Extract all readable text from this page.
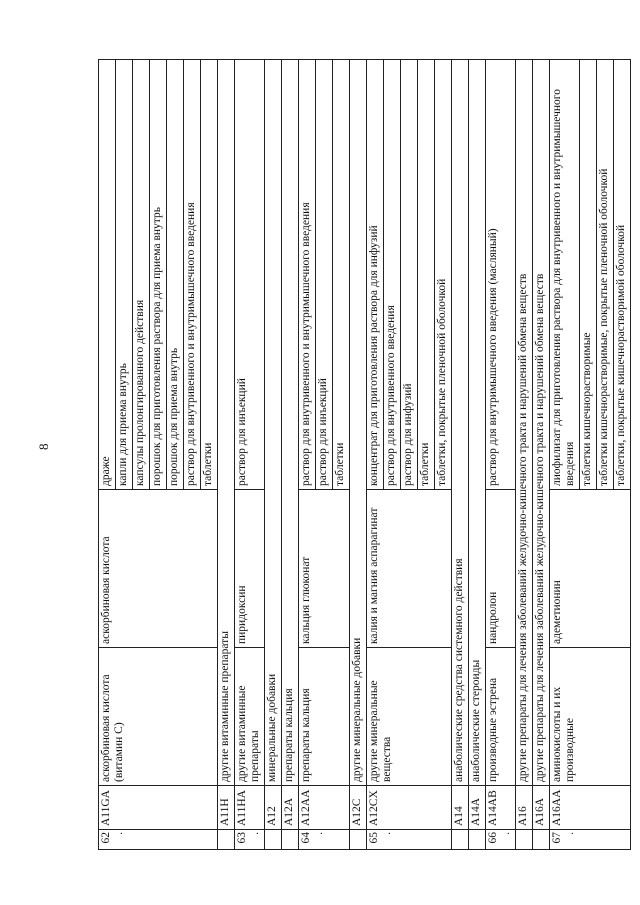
8
62.	A11GA	аскорбиновая кислота (витамин С)	аскорбиновая кислота	драже
				капли для приема внутрь
				капсулы пролонгированного действия
				порошок для приготовления раствора для приема внутрь
				порошок для приема внутрь
				раствор для внутривенного и внутримышечного введения
				таблетки
	A11H	другие витаминные препараты		
63.	A11HA	другие витаминные препараты	пиридоксин	раствор для инъекций
	A12	минеральные добавки		
	A12A	препараты кальция		
64.	A12AA	препараты кальция	кальция глюконат	раствор для внутривенного и внутримышечного введения
				раствор для инъекций
				таблетки
	A12C	другие минеральные добавки		
65.	A12CX	другие минеральные вещества	калия и магния аспарагинат	концентрат для приготовления раствора для инфузий
				раствор для внутривенного введения
				раствор для инфузий
				таблетки
				таблетки, покрытые пленочной оболочкой
	A14	анаболические средства системного действия		
	A14A	анаболические стероиды		
66.	A14AB	производные эстрена	нандролон	раствор для внутримышечного введения (масляный)
	A16	другие препараты для лечения заболеваний желудочно-кишечного тракта и нарушений обмена веществ		
	A16A	другие препараты для лечения заболеваний желудочно-кишечного тракта и нарушений обмена веществ		
67.	A16AA	аминокислоты и их производные	адеметионин	лиофилизат для приготовления раствора для внутривенного и внутримышечного введения
				таблетки кишечнорастворимые
				таблетки кишечнорастворимые, покрытые пленочной оболочкой
				таблетки, покрытые кишечнорастворимой оболочкой
